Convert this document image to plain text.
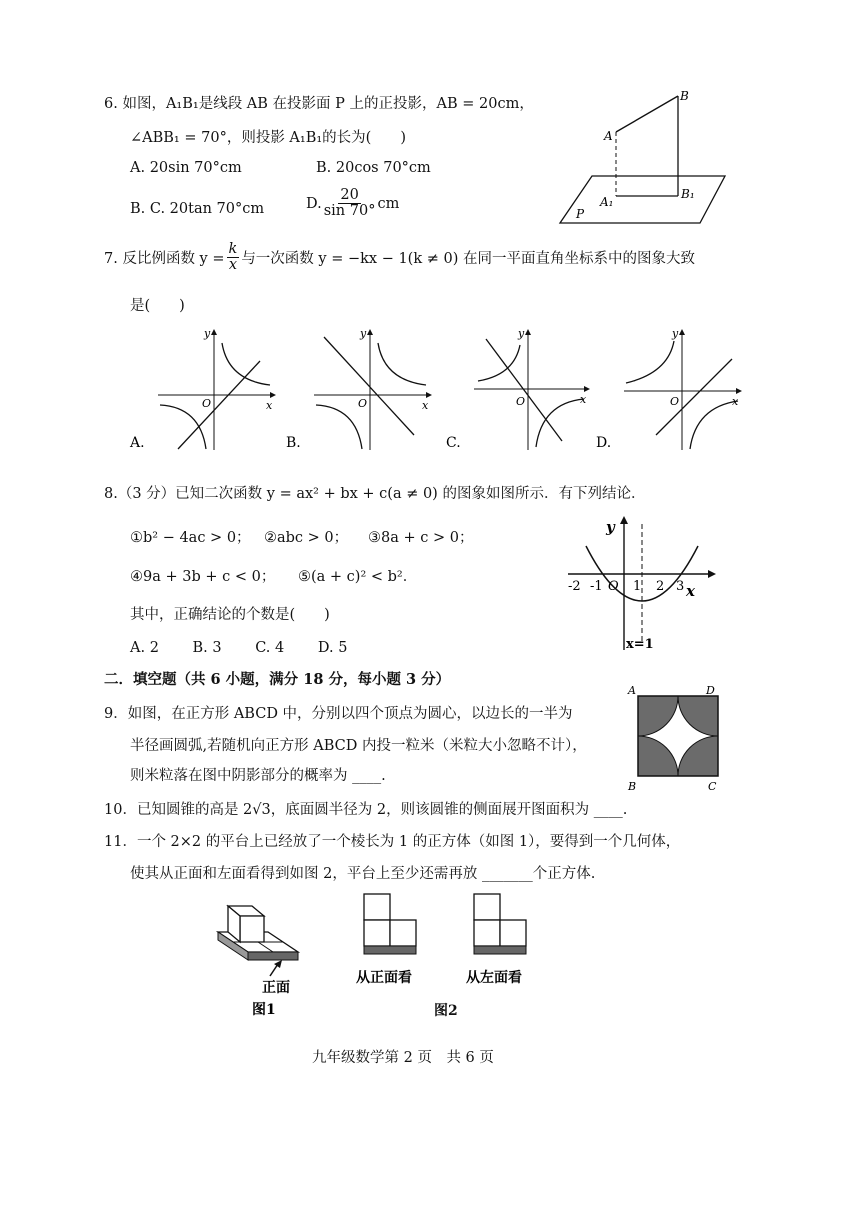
6. 如图，A₁B₁是线段 AB 在投影面 P 上的正投影，AB = 20cm，
∠ABB₁ = 70°，则投影 A₁B₁的长为(　　)
A. 20sin 70°cm	B. 20cos 70°cm
B. C. 20tan 70°cm	D. $\frac{20}{\sin 70^\circ}$ cm
A
B
A₁
B₁
P
7. 反比例函数 $y = \frac{k}{x}$ 与一次函数 y = −kx − 1(k ≠ 0) 在同一平面直角坐标系中的图象大致
是(　　)
y
x
O
A.
y
x
O
B.
y
x
O
C.
y
x
O
D.
8.（3 分）已知二次函数 y = ax² + bx + c(a ≠ 0) 的图象如图所示．有下列结论．
①b² − 4ac > 0； ②abc > 0； ③8a + c > 0；
④9a + 3b + c < 0； ⑤(a + c)² < b²．
其中，正确结论的个数是(　　)
A. 2　　 B. 3　　 C. 4　　 D. 5
y
x
O
-2 -1 1 2 3
x=1
二．填空题（共 6 小题，满分 18 分，每小题 3 分）
9．如图，在正方形 ABCD 中，分别以四个顶点为圆心，以边长的一半为
半径画圆弧,若随机向正方形 ABCD 内投一粒米（米粒大小忽略不计），
则米粒落在图中阴影部分的概率为 ____.
A	D
B	C
10．已知圆锥的高是 2√3，底面圆半径为 2，则该圆锥的侧面展开图面积为 ____.
11．一个 2×2 的平台上已经放了一个棱长为 1 的正方体（如图 1），要得到一个几何体，
使其从正面和左面看得到如图 2，平台上至少还需再放 _______个正方体.
正面
图1
从正面看	从左面看
图2
九年级数学第 2 页　共 6 页
